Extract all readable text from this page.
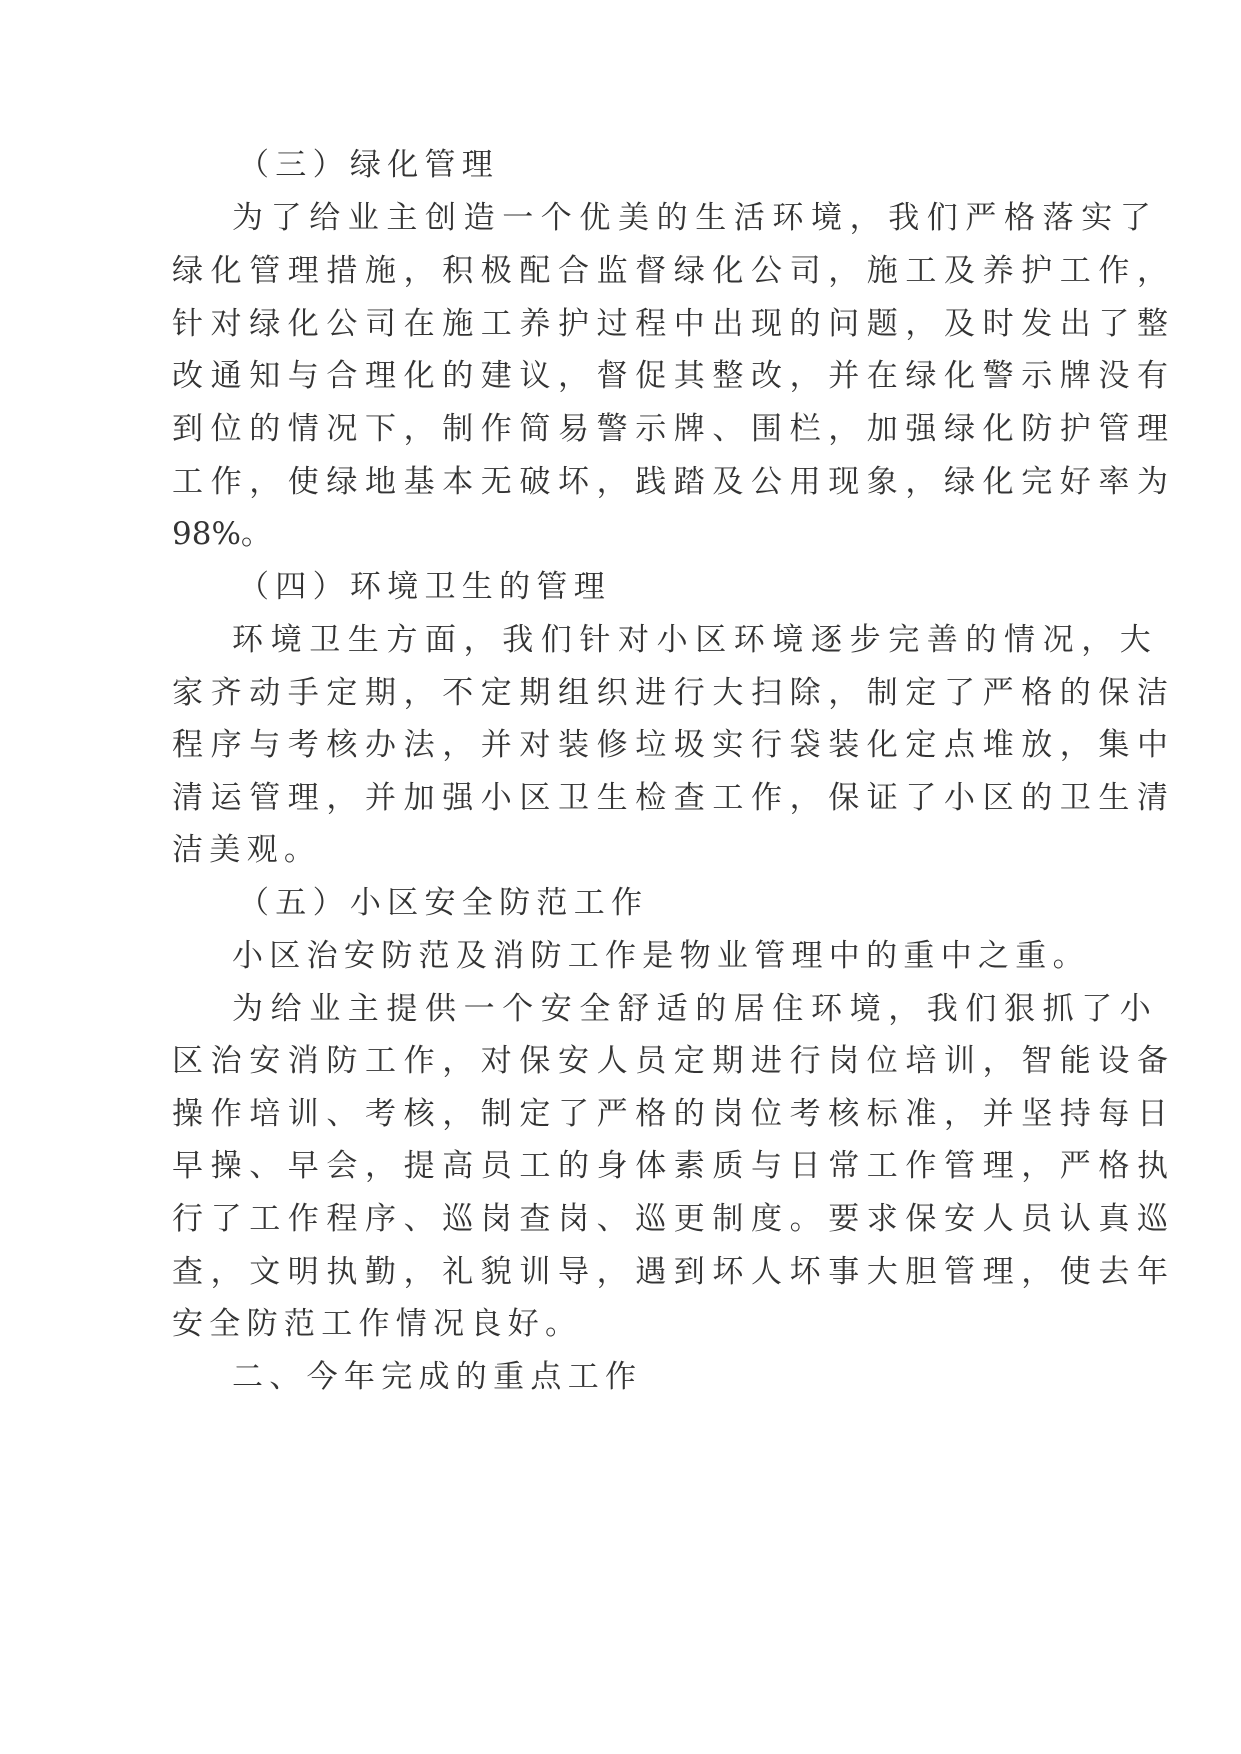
（三）绿化管理
为了给业主创造一个优美的生活环境，我们严格落实了
绿化管理措施，积极配合监督绿化公司，施工及养护工作，
针对绿化公司在施工养护过程中出现的问题，及时发出了整
改通知与合理化的建议，督促其整改，并在绿化警示牌没有
到位的情况下，制作简易警示牌、围栏，加强绿化防护管理
工作，使绿地基本无破坏，践踏及公用现象，绿化完好率为
98%。
（四）环境卫生的管理
环境卫生方面，我们针对小区环境逐步完善的情况，大
家齐动手定期，不定期组织进行大扫除，制定了严格的保洁
程序与考核办法，并对装修垃圾实行袋装化定点堆放，集中
清运管理，并加强小区卫生检查工作，保证了小区的卫生清
洁美观。
（五）小区安全防范工作
小区治安防范及消防工作是物业管理中的重中之重。
为给业主提供一个安全舒适的居住环境，我们狠抓了小
区治安消防工作，对保安人员定期进行岗位培训，智能设备
操作培训、考核，制定了严格的岗位考核标准，并坚持每日
早操、早会，提高员工的身体素质与日常工作管理，严格执
行了工作程序、巡岗查岗、巡更制度。要求保安人员认真巡
查，文明执勤，礼貌训导，遇到坏人坏事大胆管理，使去年
安全防范工作情况良好。
二、今年完成的重点工作
